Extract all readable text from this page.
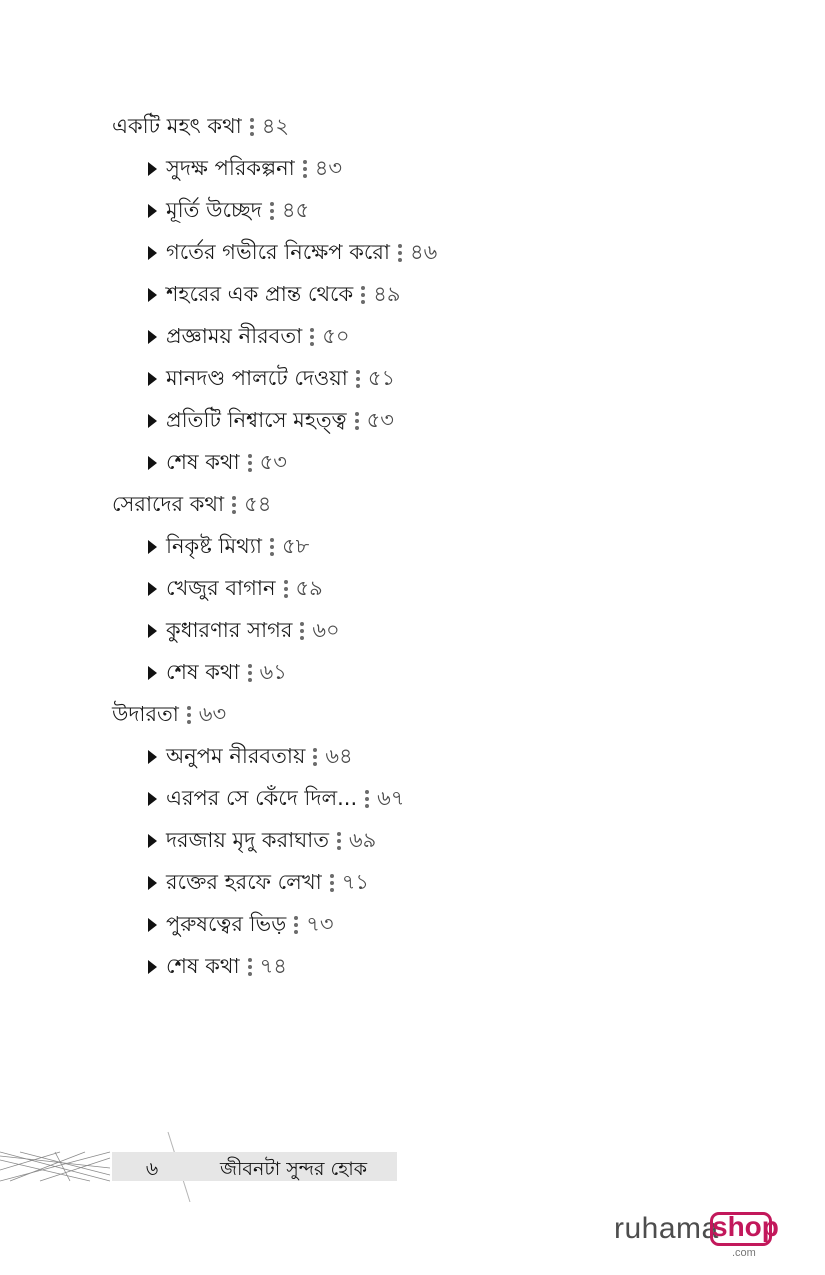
একটি মহৎ কথা ৪২
সুদক্ষ পরিকল্পনা ৪৩
মূর্তি উচ্ছেদ ৪৫
গর্তের গভীরে নিক্ষেপ করো ৪৬
শহরের এক প্রান্ত থেকে ৪৯
প্রজ্ঞাময় নীরবতা ৫০
মানদণ্ড পালটে দেওয়া ৫১
প্রতিটি নিশ্বাসে মহত্ত্ব ৫৩
শেষ কথা ৫৩
সেরাদের কথা ৫৪
নিকৃষ্ট মিথ্যা ৫৮
খেজুর বাগান ৫৯
কুধারণার সাগর ৬০
শেষ কথা ৬১
উদারতা ৬৩
অনুপম নীরবতায় ৬৪
এরপর সে কেঁদে দিল... ৬৭
দরজায় মৃদু করাঘাত ৬৯
রক্তের হরফে লেখা ৭১
পুরুষত্বের ভিড় ৭৩
শেষ কথা ৭৪
৬	জীবনটা সুন্দর হোক
ruhama
shop
.com
